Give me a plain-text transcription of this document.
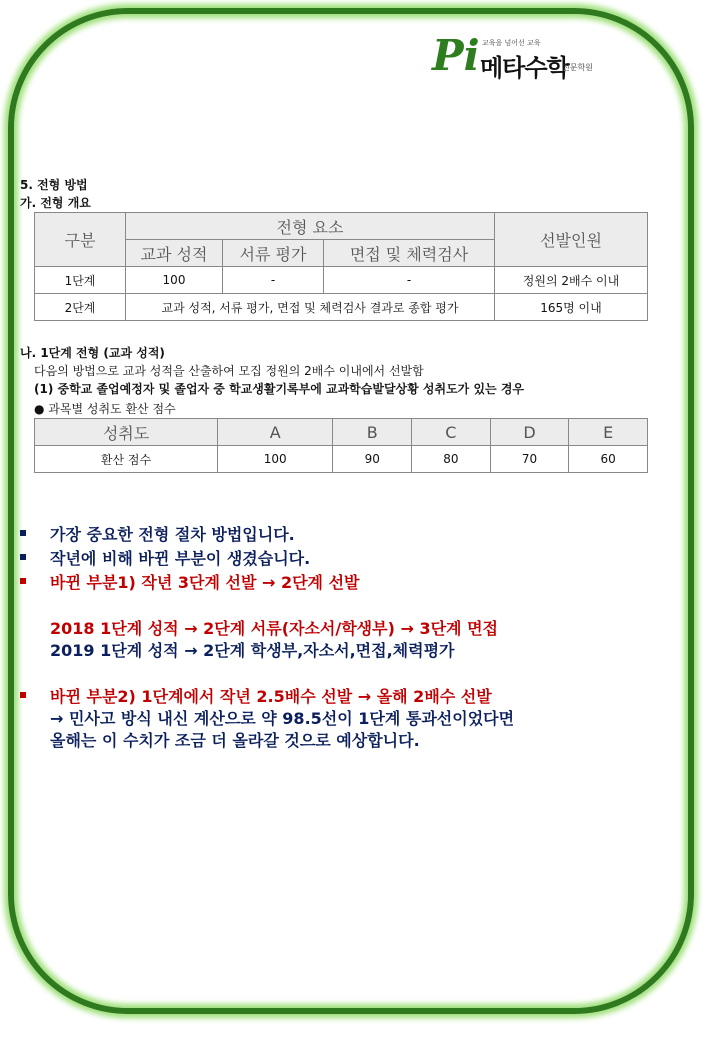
Pi 교육을 넘어선 교육
메타수학
전문학원
5. 전형 방법
가. 전형 개요
구분	전형 요소			선발인원
	교과 성적	서류 평가	면접 및 체력검사	
1단계	100	-	-	정원의 2배수 이내
2단계	교과 성적, 서류 평가, 면접 및 체력검사 결과로 종합 평가			165명 이내
나. 1단계 전형 (교과 성적)
다음의 방법으로 교과 성적을 산출하여 모집 정원의 2배수 이내에서 선발함
(1) 중학교 졸업예정자 및 졸업자 중 학교생활기록부에 교과학습발달상황 성취도가 있는 경우
● 과목별 성취도 환산 점수
성취도	A	B	C	D	E
환산 점수	100	90	80	70	60
가장 중요한 전형 절차 방법입니다.
작년에 비해 바뀐 부분이 생겼습니다.
바뀐 부분1) 작년 3단계 선발 → 2단계 선발
2018 1단계 성적 → 2단계 서류(자소서/학생부) → 3단계 면접
2019 1단계 성적 → 2단계 학생부,자소서,면접,체력평가
바뀐 부분2) 1단계에서 작년 2.5배수 선발 → 올해 2배수 선발
→ 민사고 방식 내신 계산으로 약 98.5선이 1단계 통과선이었다면
올해는 이 수치가 조금 더 올라갈 것으로 예상합니다.
